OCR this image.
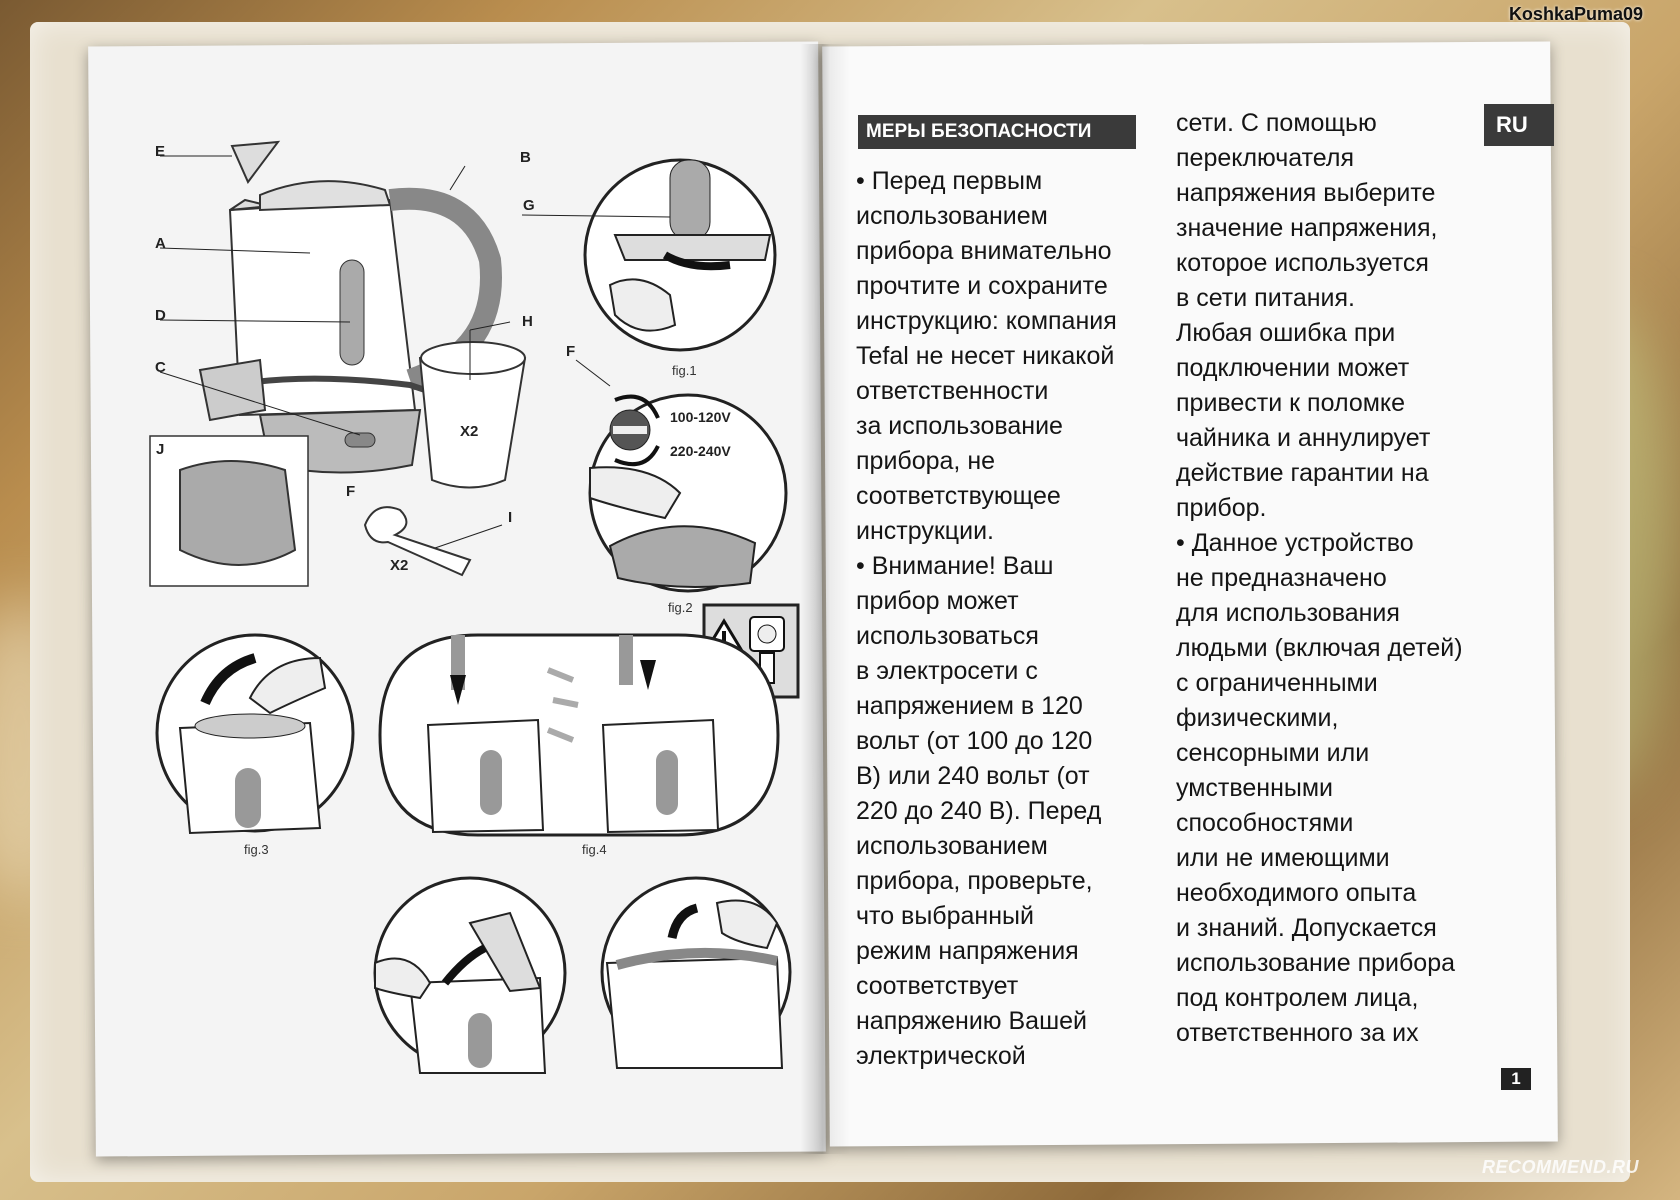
KoshkaPuma09
E	B
A
D
C
F
J
H
X2
I
X2
G
fig.1
100-120V
220-240V
F
fig.2
fig.3	fig.4
МЕРЫ БЕЗОПАСНОСТИ	RU

• Перед первым

использованием

прибора внимательно

прочтите и сохраните

инструкцию: компания

Tefal не несет никакой

ответственности

за использование

прибора, не

соответствующее

инструкции.

• Внимание! Ваш

прибор может

использоваться

в электросети с

напряжением в 120

вольт (от 100 до 120

В) или 240 вольт (от

220 до 240 В). Перед

использованием

прибора, проверьте,

что выбранный

режим напряжения

соответствует

напряжению Вашей

электрической

сети. С помощью

переключателя

напряжения выберите

значение напряжения,

которое используется

в сети питания.

Любая ошибка при

подключении может

привести к поломке

чайника и аннулирует

действие гарантии на

прибор.

• Данное устройство

не предназначено

для использования

людьми (включая детей)

с ограниченными

физическими,

сенсорными или

умственными

способностями

или не имеющими

необходимого опыта

и знаний. Допускается

использование прибора

под контролем лица,

ответственного за их

1
RECOMMEND.RU
